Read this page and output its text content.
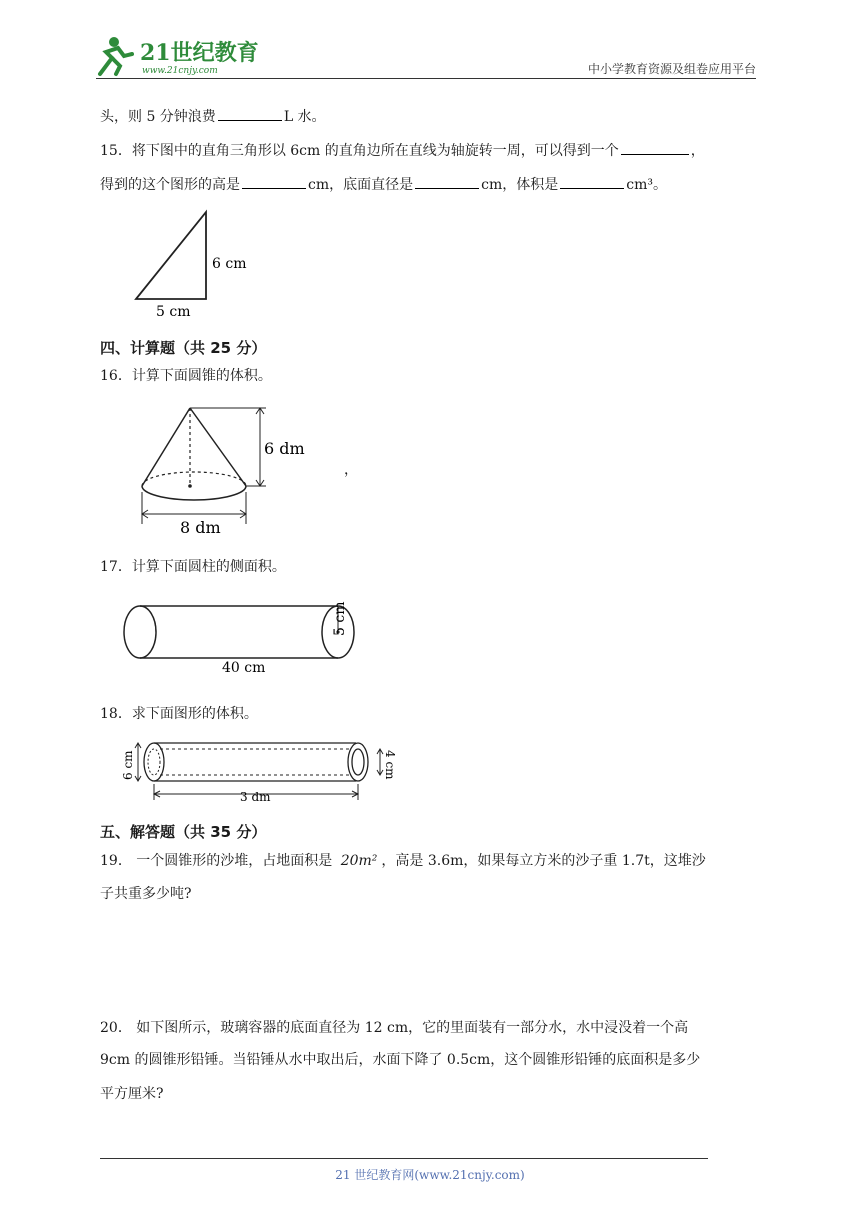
21世纪教育
www.21cnjy.com	中小学教育资源及组卷应用平台
头，则 5 分钟浪费	L 水。
15．将下图中的直角三角形以 6cm 的直角边所在直线为轴旋转一周，可以得到一个	，
得到的这个图形的高是	cm，底面直径是	cm，体积是	cm³。
6 cm
5 cm
四、计算题（共 25 分）
16．计算下面圆锥的体积。
6 dm
8 dm
，
17．计算下面圆柱的侧面积。
5 cm
40 cm
18．求下面图形的体积。
6 cm	4 cm
3 dm
五、解答题（共 35 分）
19． 一个圆锥形的沙堆，占地面积是 20m² ，高是 3.6m，如果每立方米的沙子重 1.7t，这堆沙
子共重多少吨?
20． 如下图所示，玻璃容器的底面直径为 12 cm，它的里面装有一部分水，水中浸没着一个高
9cm 的圆锥形铅锤。当铅锤从水中取出后，水面下降了 0.5cm，这个圆锥形铅锤的底面积是多少
平方厘米?
21 世纪教育网(www.21cnjy.com)
